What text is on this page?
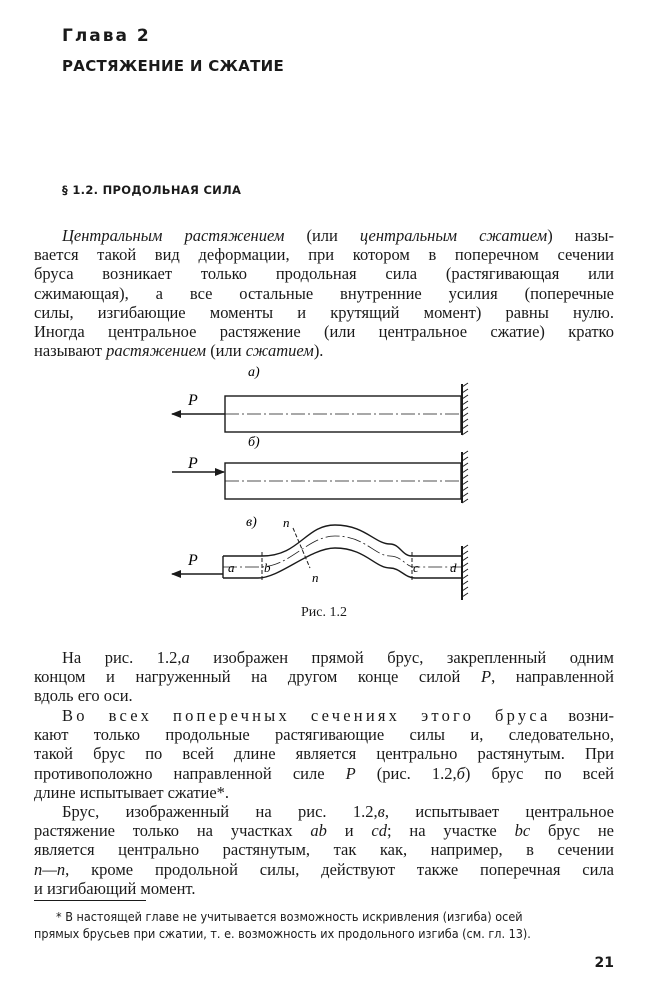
Глава 2
РАСТЯЖЕНИЕ И СЖАТИЕ
§ 1.2. ПРОДОЛЬНАЯ СИЛА

Центральным растяжением (или центральным сжатием) назы-
вается такой вид деформации, при котором в поперечном сечении
бруса возникает только продольная сила (растягивающая или
сжимающая), а все остальные внутренние усилия (поперечные
силы, изгибающие моменты и крутящий момент) равны нулю.
Иногда центральное растяжение (или центральное сжатие) кратко
называют растяжением (или сжатием).

а)
P
б)
P
в) n
n
a b	c d
P
Рис. 1.2

На рис. 1.2,а изображен прямой брус, закрепленный одним
концом и нагруженный на другом конце силой P, направленной
вдоль его оси.

Во всех поперечных сечениях этого бруса возни-
кают только продольные растягивающие силы и, следовательно,
такой брус по всей длине является центрально растянутым. При
противоположно направленной силе P (рис. 1.2,б) брус по всей
длине испытывает сжатие*.

Брус, изображенный на рис. 1.2,в, испытывает центральное
растяжение только на участках ab и cd; на участке bc брус не
является центрально растянутым, так как, например, в сечении
n—n, кроме продольной силы, действуют также поперечная сила
и изгибающий момент.

* В настоящей главе не учитывается возможность искривления (изгиба) осей
прямых брусьев при сжатии, т. е. возможность их продольного изгиба (см. гл. 13).

21
